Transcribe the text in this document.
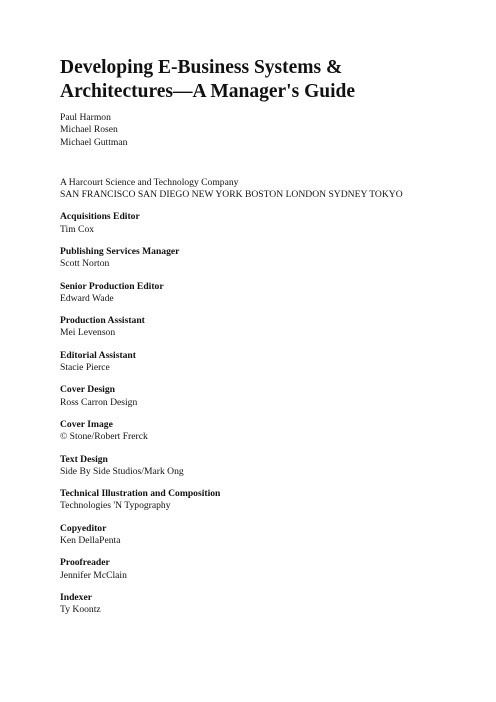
Developing E-Business Systems &
Architectures—A Manager's Guide
Paul Harmon
Michael Rosen
Michael Guttman
A Harcourt Science and Technology Company
SAN FRANCISCO SAN DIEGO NEW YORK BOSTON LONDON SYDNEY TOKYO
Acquisitions Editor
Tim Cox
Publishing Services Manager
Scott Norton
Senior Production Editor
Edward Wade
Production Assistant
Mei Levenson
Editorial Assistant
Stacie Pierce
Cover Design
Ross Carron Design
Cover Image
© Stone/Robert Frerck
Text Design
Side By Side Studios/Mark Ong
Technical Illustration and Composition
Technologies 'N Typography
Copyeditor
Ken DellaPenta
Proofreader
Jennifer McClain
Indexer
Ty Koontz
